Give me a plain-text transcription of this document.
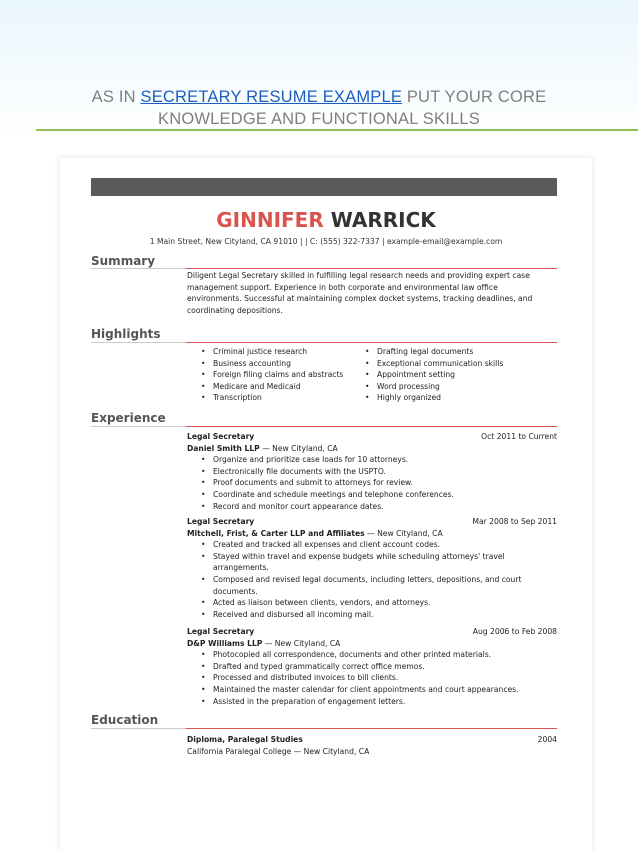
AS IN SECRETARY RESUME EXAMPLE PUT YOUR CORE
KNOWLEDGE AND FUNCTIONAL SKILLS
GINNIFER WARRICK
1 Main Street, New Cityland, CA 91010 | | C: (555) 322-7337 | example-email@example.com
Summary
Diligent Legal Secretary skilled in fulfilling legal research needs and providing expert case management support. Experience in both corporate and environmental law office environments. Successful at maintaining complex docket systems, tracking deadlines, and coordinating depositions.
Highlights
• Criminal justice research
• Business accounting
• Foreign filing claims and abstracts
• Medicare and Medicaid
• Transcription
• Drafting legal documents
• Exceptional communication skills
• Appointment setting
• Word processing
• Highly organized
Experience
Legal Secretary	Oct 2011 to Current
Daniel Smith LLP — New Cityland, CA
• Organize and prioritize case loads for 10 attorneys.
• Electronically file documents with the USPTO.
• Proof documents and submit to attorneys for review.
• Coordinate and schedule meetings and telephone conferences.
• Record and monitor court appearance dates.
Legal Secretary	Mar 2008 to Sep 2011
Mitchell, Frist, & Carter LLP and Affiliates — New Cityland, CA
• Created and tracked all expenses and client account codes.
• Stayed within travel and expense budgets while scheduling attorneys' travel arrangements.
• Composed and revised legal documents, including letters, depositions, and court documents.
• Acted as liaison between clients, vendors, and attorneys.
• Received and disbursed all incoming mail.
Legal Secretary	Aug 2006 to Feb 2008
D&P Williams LLP — New Cityland, CA
• Photocopied all correspondence, documents and other printed materials.
• Drafted and typed grammatically correct office memos.
• Processed and distributed invoices to bill clients.
• Maintained the master calendar for client appointments and court appearances.
• Assisted in the preparation of engagement letters.
Education
Diploma, Paralegal Studies	2004
California Paralegal College — New Cityland, CA
